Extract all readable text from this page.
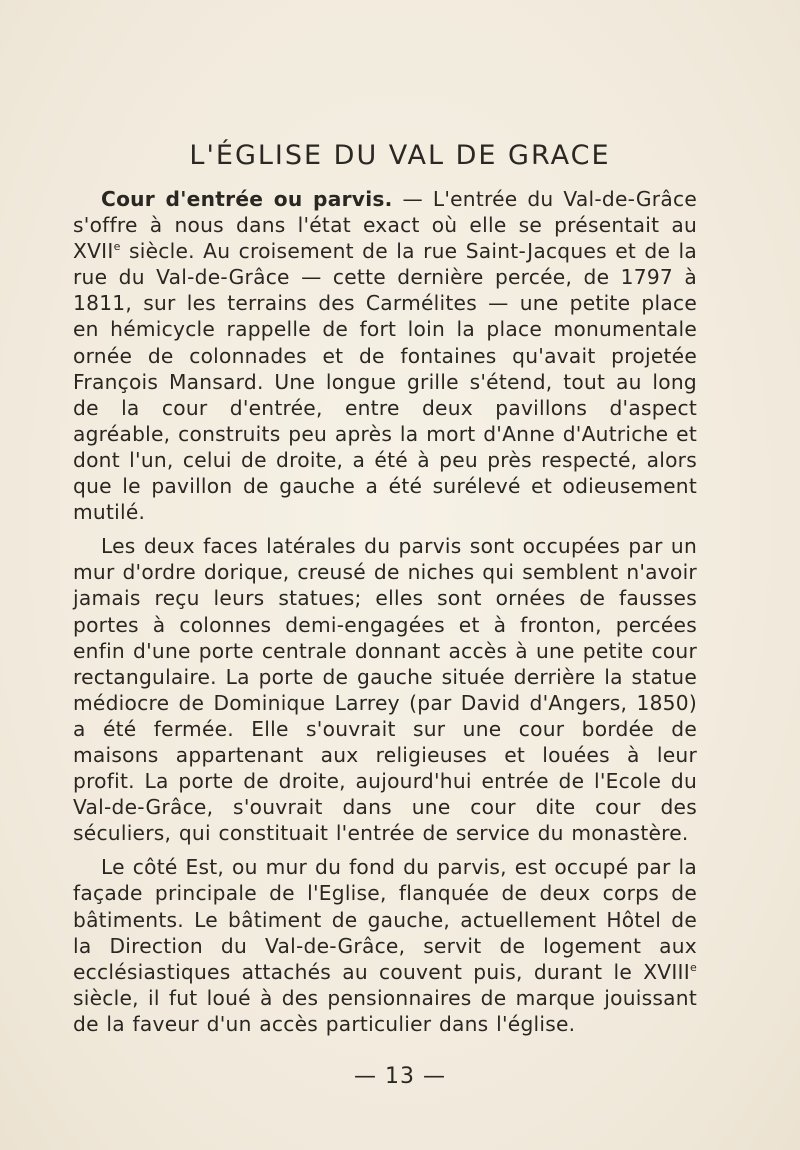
L'ÉGLISE DU VAL DE GRACE

Cour d'entrée ou parvis. — L'entrée du Val-de-Grâce s'offre à nous dans l'état exact où elle se présentait au XVIIe siècle. Au croisement de la rue Saint-Jacques et de la rue du Val-de-Grâce — cette dernière percée, de 1797 à 1811, sur les terrains des Carmélites — une petite place en hémicycle rappelle de fort loin la place monumentale ornée de colonnades et de fontaines qu'avait projetée François Mansard. Une longue grille s'étend, tout au long de la cour d'entrée, entre deux pavillons d'aspect agréable, construits peu après la mort d'Anne d'Autriche et dont l'un, celui de droite, a été à peu près respecté, alors que le pavillon de gauche a été surélevé et odieusement mutilé.

Les deux faces latérales du parvis sont occupées par un mur d'ordre dorique, creusé de niches qui semblent n'avoir jamais reçu leurs statues; elles sont ornées de fausses portes à colonnes demi-engagées et à fronton, percées enfin d'une porte centrale donnant accès à une petite cour rectangulaire. La porte de gauche située derrière la statue médiocre de Dominique Larrey (par David d'Angers, 1850) a été fermée. Elle s'ouvrait sur une cour bordée de maisons appartenant aux religieuses et louées à leur profit. La porte de droite, aujourd'hui entrée de l'Ecole du Val-de-Grâce, s'ouvrait dans une cour dite cour des séculiers, qui constituait l'entrée de service du monastère.

Le côté Est, ou mur du fond du parvis, est occupé par la façade principale de l'Eglise, flanquée de deux corps de bâtiments. Le bâtiment de gauche, actuellement Hôtel de la Direction du Val-de-Grâce, servit de logement aux ecclésiastiques attachés au couvent puis, durant le XVIIIe siècle, il fut loué à des pensionnaires de marque jouissant de la faveur d'un accès particulier dans l'église.

— 13 —
